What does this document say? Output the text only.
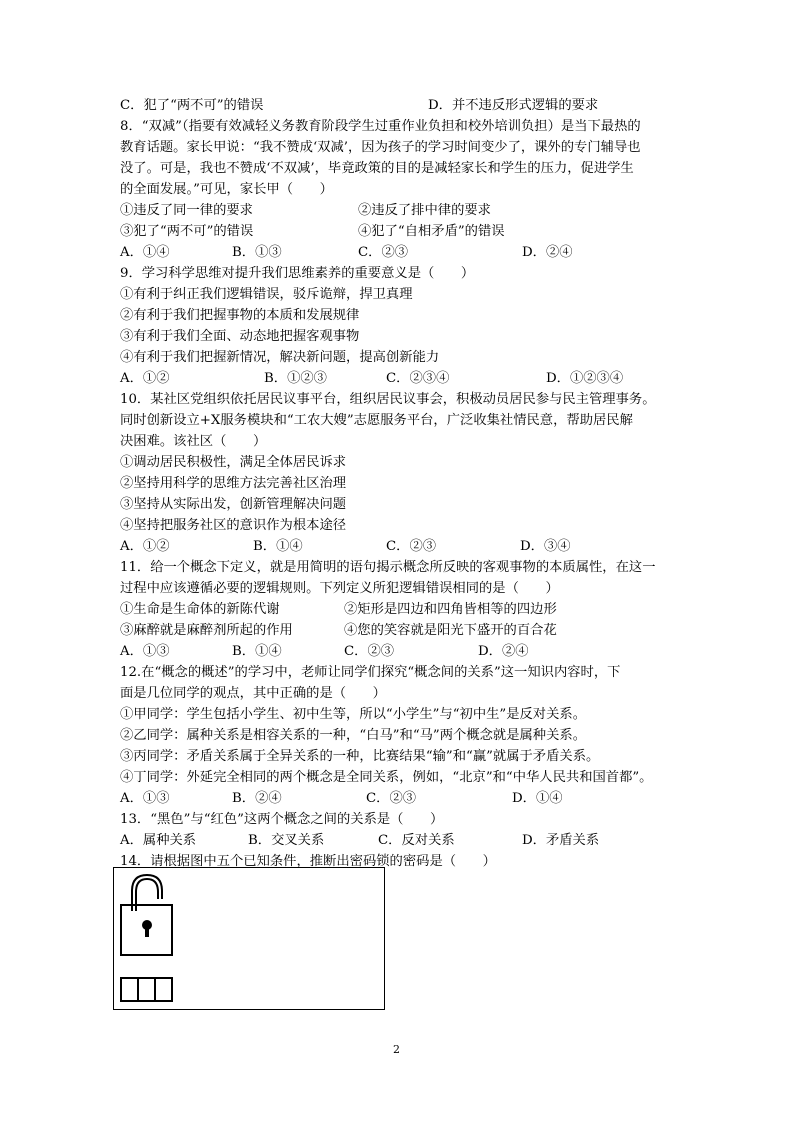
C．犯了“两不可”的错误	D．并不违反形式逻辑的要求
8．“双减”（指要有效减轻义务教育阶段学生过重作业负担和校外培训负担）是当下最热的
教育话题。家长甲说：“我不赞成‘双减’，因为孩子的学习时间变少了，课外的专门辅导也
没了。可是，我也不赞成‘不双减’，毕竟政策的目的是减轻家长和学生的压力，促进学生
的全面发展。”可见，家长甲（　　）
①违反了同一律的要求	②违反了排中律的要求
③犯了“两不可”的错误	④犯了“自相矛盾”的错误
A．①④	B．①③	C．②③	D．②④
9．学习科学思维对提升我们思维素养的重要意义是（　　）
①有利于纠正我们逻辑错误，驳斥诡辩，捍卫真理
②有利于我们把握事物的本质和发展规律
③有利于我们全面、动态地把握客观事物
④有利于我们把握新情况，解决新问题，提高创新能力
A．①②	B．①②③	C．②③④	D．①②③④
10．某社区党组织依托居民议事平台，组织居民议事会，积极动员居民参与民主管理事务。
同时创新设立+X服务模块和“工农大嫂”志愿服务平台，广泛收集社情民意，帮助居民解
决困难。该社区（　　）
①调动居民积极性，满足全体居民诉求
②坚持用科学的思维方法完善社区治理
③坚持从实际出发，创新管理解决问题
④坚持把服务社区的意识作为根本途径
A．①②	B．①④	C．②③	D．③④
11．给一个概念下定义，就是用简明的语句揭示概念所反映的客观事物的本质属性，在这一
过程中应该遵循必要的逻辑规则。下列定义所犯逻辑错误相同的是（　　）
①生命是生命体的新陈代谢	②矩形是四边和四角皆相等的四边形
③麻醉就是麻醉剂所起的作用	④您的笑容就是阳光下盛开的百合花
A．①③	B．①④	C．②③	D．②④
12.在“概念的概述”的学习中，老师让同学们探究“概念间的关系”这一知识内容时，下
面是几位同学的观点，其中正确的是（　　）
①甲同学：学生包括小学生、初中生等，所以“小学生”与“初中生”是反对关系。
②乙同学：属种关系是相容关系的一种，“白马”和“马”两个概念就是属种关系。
③丙同学：矛盾关系属于全异关系的一种，比赛结果“输”和“赢”就属于矛盾关系。
④丁同学：外延完全相同的两个概念是全同关系，例如，“北京”和“中华人民共和国首都”。
A．①③	B．②④	C．②③	D．①④
13．“黑色”与“红色”这两个概念之间的关系是（　　）
A．属种关系	B．交叉关系	C．反对关系	D．矛盾关系
14．请根据图中五个已知条件，推断出密码锁的密码是（　　）
2
